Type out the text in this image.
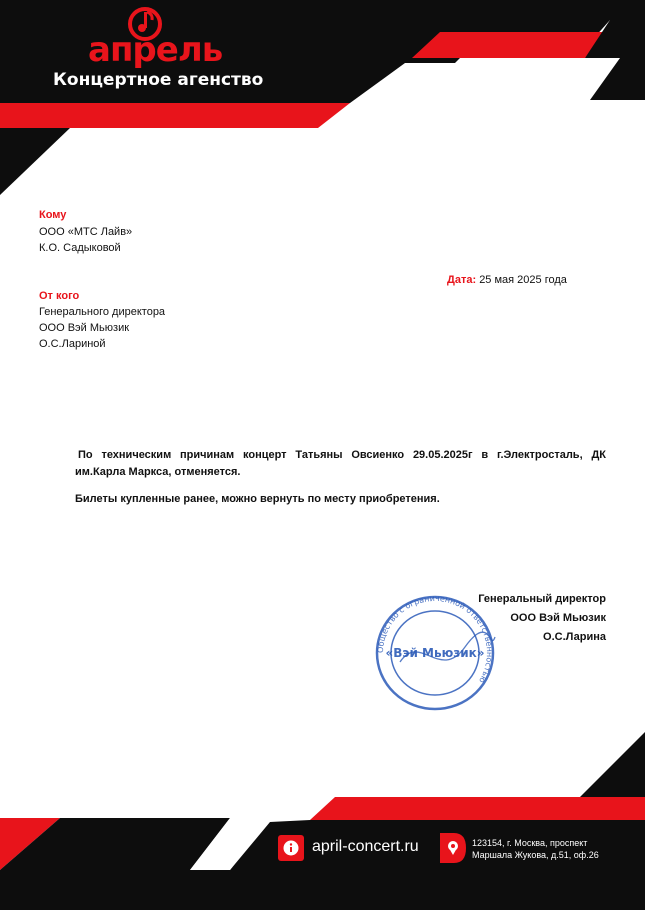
апрель
Концертное агенство
Кому
ООО «МТС Лайв»
К.О. Садыковой
Дата: 25 мая 2025 года
От кого
Генерального директора
ООО Вэй Мьюзик
О.С.Лариной
По техническим причинам концерт Татьяны Овсиенко 29.05.2025г в г.Электросталь, ДК им.Карла Маркса, отменяется.
Билеты купленные ранее, можно вернуть по месту приобретения.
Общество с ограниченной ответственностью
«Вэй Мьюзик»
Генеральный директор
ООО Вэй Мьюзик
О.С.Ларина
april-concert.ru	123154, г. Москва, проспект
Маршала Жукова, д.51, оф.26
